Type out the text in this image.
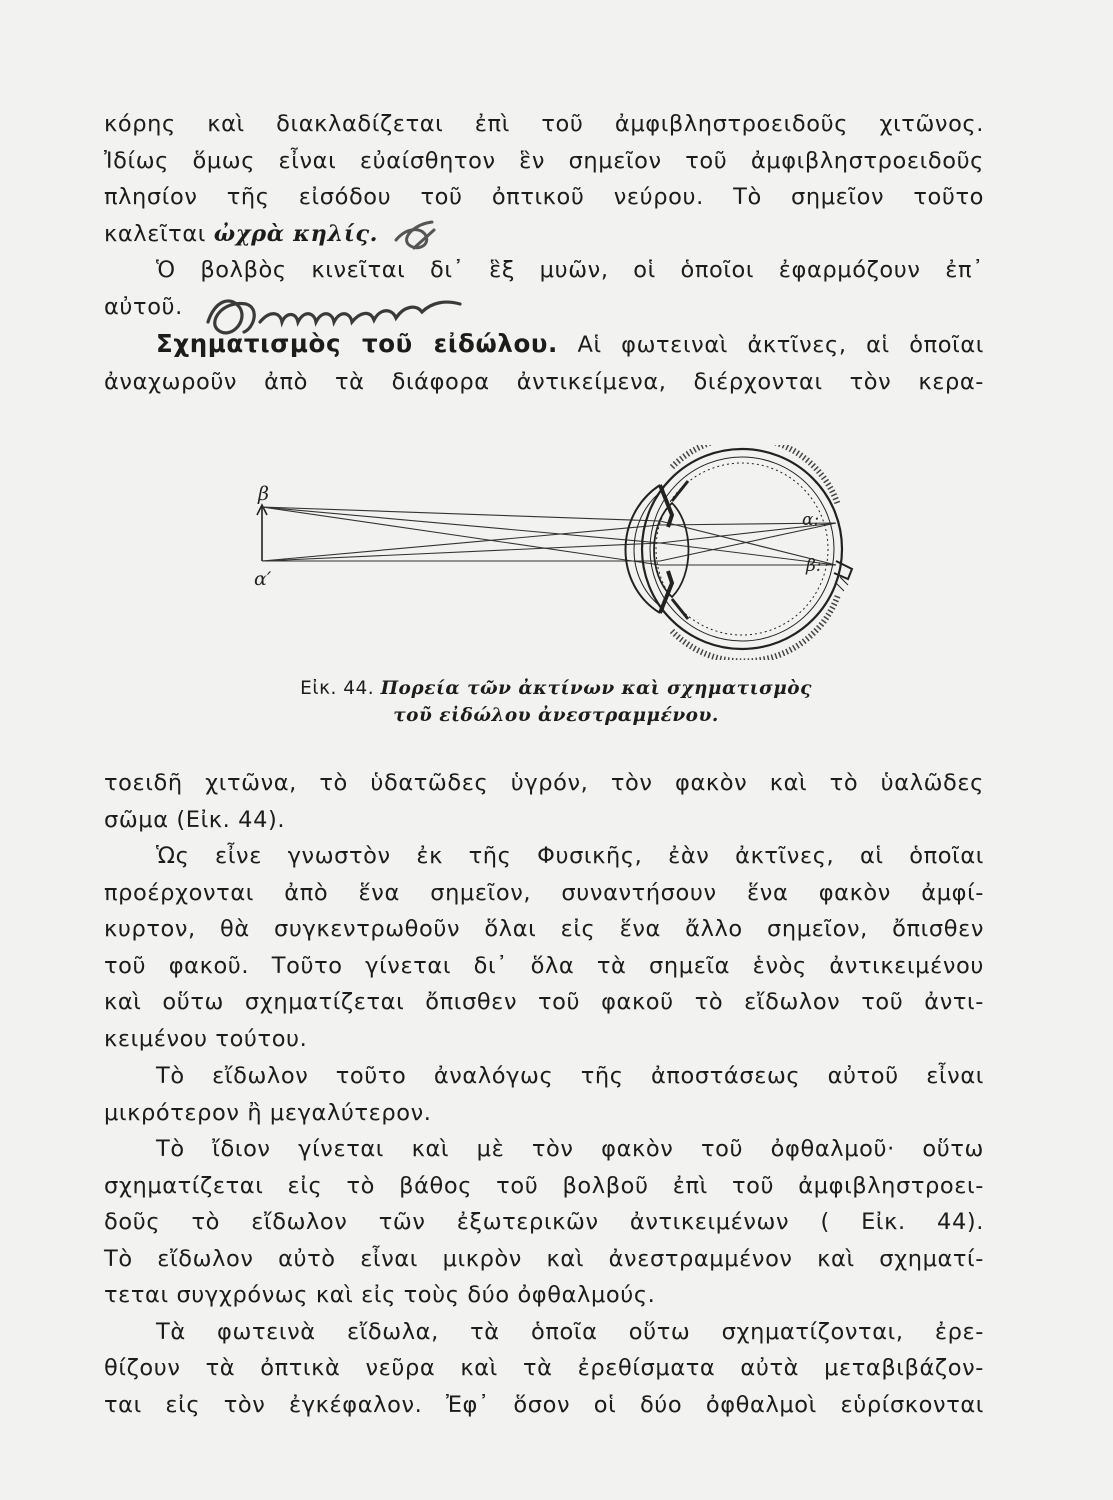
κόρης καὶ διακλαδίζεται ἐπὶ τοῦ ἀμφιβληστροειδοῦς χιτῶνος.
Ἰδίως ὅμως εἶναι εὐαίσθητον ἓν σημεῖον τοῦ ἀμφιβληστροειδοῦς
πλησίον τῆς εἰσόδου τοῦ ὀπτικοῦ νεύρου. Τὸ σημεῖον τοῦτο
καλεῖται ὠχρὰ κηλίς.
Ὁ βολβὸς κινεῖται δι᾽ ἓξ μυῶν, οἱ ὁποῖοι ἐφαρμόζουν ἐπ᾽
αὐτοῦ.
Σχηματισμὸς τοῦ εἰδώλου. Αἱ φωτειναὶ ἀκτῖνες, αἱ ὁποῖαι
ἀναχωροῦν ἀπὸ τὰ διάφορα ἀντικείμενα, διέρχονται τὸν κερα-
β
α′
α:
β:
Εἰκ. 44. Πορεία τῶν ἀκτίνων καὶ σχηματισμὸς
τοῦ εἰδώλου ἀνεστραμμένου.
τοειδῆ χιτῶνα, τὸ ὑδατῶδες ὑγρόν, τὸν φακὸν καὶ τὸ ὑαλῶδες
σῶμα (Εἰκ. 44).
Ὡς εἶνε γνωστὸν ἐκ τῆς Φυσικῆς, ἐὰν ἀκτῖνες, αἱ ὁποῖαι
προέρχονται ἀπὸ ἕνα σημεῖον, συναντήσουν ἕνα φακὸν ἀμφί-
κυρτον, θὰ συγκεντρωθοῦν ὅλαι εἰς ἕνα ἄλλο σημεῖον, ὄπισθεν
τοῦ φακοῦ. Τοῦτο γίνεται δι᾽ ὅλα τὰ σημεῖα ἑνὸς ἀντικειμένου
καὶ οὕτω σχηματίζεται ὄπισθεν τοῦ φακοῦ τὸ εἴδωλον τοῦ ἀντι-
κειμένου τούτου.
Τὸ εἴδωλον τοῦτο ἀναλόγως τῆς ἀποστάσεως αὐτοῦ εἶναι
μικρότερον ἢ μεγαλύτερον.
Τὸ ἴδιον γίνεται καὶ μὲ τὸν φακὸν τοῦ ὀφθαλμοῦ· οὕτω
σχηματίζεται εἰς τὸ βάθος τοῦ βολβοῦ ἐπὶ τοῦ ἀμφιβληστροει-
δοῦς τὸ εἴδωλον τῶν ἐξωτερικῶν ἀντικειμένων ( Εἰκ. 44).
Τὸ εἴδωλον αὐτὸ εἶναι μικρὸν καὶ ἀνεστραμμένον καὶ σχηματί-
τεται συγχρόνως καὶ εἰς τοὺς δύο ὀφθαλμούς.
Τὰ φωτεινὰ εἴδωλα, τὰ ὁποῖα οὕτω σχηματίζονται, ἐρε-
θίζουν τὰ ὀπτικὰ νεῦρα καὶ τὰ ἐρεθίσματα αὐτὰ μεταβιβάζον-
ται εἰς τὸν ἐγκέφαλον. Ἐφ᾽ ὅσον οἱ δύο ὀφθαλμοὶ εὑρίσκονται
